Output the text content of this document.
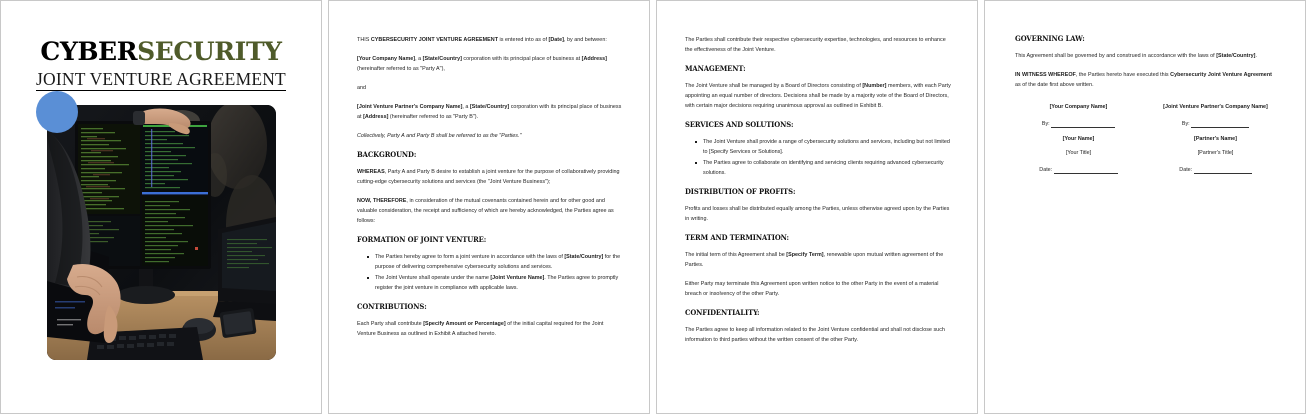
CYBERSECURITY
JOINT VENTURE AGREEMENT

THIS CYBERSECURITY JOINT VENTURE AGREEMENT is entered into as of [Date], by and between:

[Your Company Name], a [State/Country] corporation with its principal place of business at [Address] (hereinafter referred to as "Party A"),

and

[Joint Venture Partner's Company Name], a [State/Country] corporation with its principal place of business at [Address] (hereinafter referred to as "Party B").

Collectively, Party A and Party B shall be referred to as the "Parties."

BACKGROUND:

WHEREAS, Party A and Party B desire to establish a joint venture for the purpose of collaboratively providing cutting-edge cybersecurity solutions and services (the "Joint Venture Business");

NOW, THEREFORE, in consideration of the mutual covenants contained herein and for other good and valuable consideration, the receipt and sufficiency of which are hereby acknowledged, the Parties agree as follows:

FORMATION OF JOINT VENTURE:
The Parties hereby agree to form a joint venture in accordance with the laws of [State/Country] for the purpose of delivering comprehensive cybersecurity solutions and services.
The Joint Venture shall operate under the name [Joint Venture Name]. The Parties agree to promptly register the joint venture in compliance with applicable laws.
CONTRIBUTIONS:

Each Party shall contribute [Specify Amount or Percentage] of the initial capital required for the Joint Venture Business as outlined in Exhibit A attached hereto.

The Parties shall contribute their respective cybersecurity expertise, technologies, and resources to enhance the effectiveness of the Joint Venture.

MANAGEMENT:

The Joint Venture shall be managed by a Board of Directors consisting of [Number] members, with each Party appointing an equal number of directors. Decisions shall be made by a majority vote of the Board of Directors, with certain major decisions requiring unanimous approval as outlined in Exhibit B.

SERVICES AND SOLUTIONS:
The Joint Venture shall provide a range of cybersecurity solutions and services, including but not limited to [Specify Services or Solutions].
The Parties agree to collaborate on identifying and servicing clients requiring advanced cybersecurity solutions.
DISTRIBUTION OF PROFITS:

Profits and losses shall be distributed equally among the Parties, unless otherwise agreed upon by the Parties in writing.

TERM AND TERMINATION:

The initial term of this Agreement shall be [Specify Term], renewable upon mutual written agreement of the Parties.

Either Party may terminate this Agreement upon written notice to the other Party in the event of a material breach or insolvency of the other Party.

CONFIDENTIALITY:

The Parties agree to keep all information related to the Joint Venture confidential and shall not disclose such information to third parties without the written consent of the other Party.

GOVERNING LAW:

This Agreement shall be governed by and construed in accordance with the laws of [State/Country].

IN WITNESS WHEREOF, the Parties hereto have executed this Cybersecurity Joint Venture Agreement as of the date first above written.

[Your Company Name]
By:
[Your Name]
[Your Title]
Date:
[Joint Venture Partner's Company Name]
By:
[Partner's Name]
[Partner's Title]
Date:
